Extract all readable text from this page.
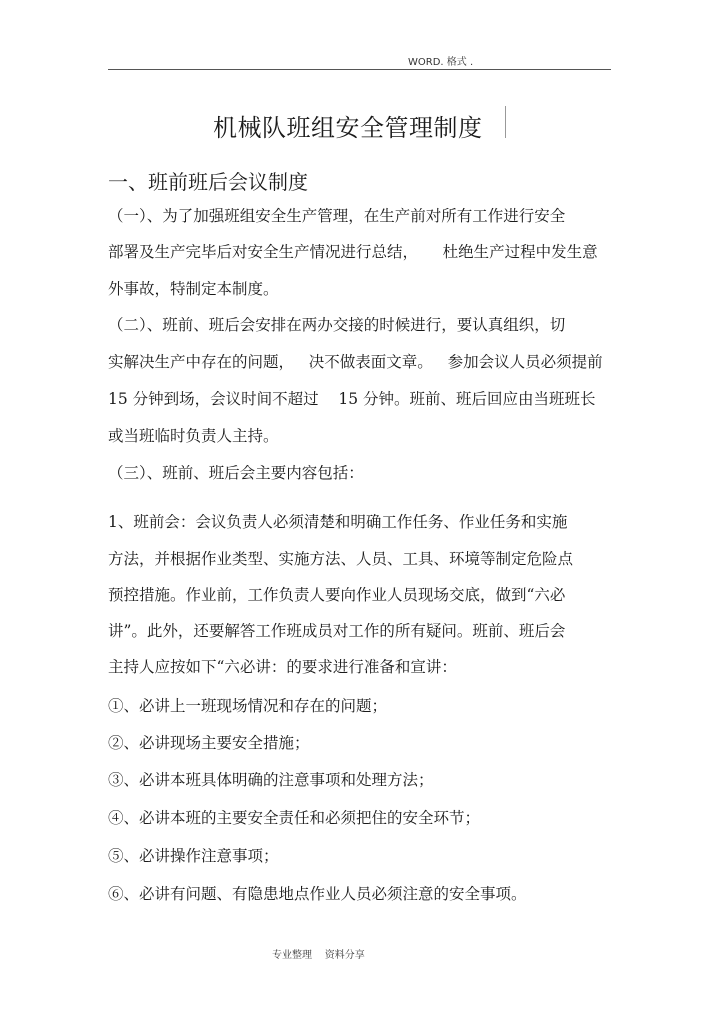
WORD. 格式 .
机械队班组安全管理制度
一、班前班后会议制度
（一）、为了加强班组安全生产管理，在生产前对所有工作进行安全
部署及生产完毕后对安全生产情况进行总结，     杜绝生产过程中发生意
外事故，特制定本制度。
（二）、班前、班后会安排在两办交接的时候进行，要认真组织，切
实解决生产中存在的问题，   决不做表面文章。   参加会议人员必须提前
15 分钟到场，会议时间不超过    15 分钟。班前、班后回应由当班班长
或当班临时负责人主持。
（三）、班前、班后会主要内容包括：
1、班前会：会议负责人必须清楚和明确工作任务、作业任务和实施
方法，并根据作业类型、实施方法、人员、工具、环境等制定危险点
预控措施。作业前，工作负责人要向作业人员现场交底，做到“六必
讲”。此外，还要解答工作班成员对工作的所有疑问。班前、班后会
主持人应按如下“六必讲：的要求进行准备和宣讲：
①、必讲上一班现场情况和存在的问题；
②、必讲现场主要安全措施；
③、必讲本班具体明确的注意事项和处理方法；
④、必讲本班的主要安全责任和必须把住的安全环节；
⑤、必讲操作注意事项；
⑥、必讲有问题、有隐患地点作业人员必须注意的安全事项。
专业整理    资料分享
